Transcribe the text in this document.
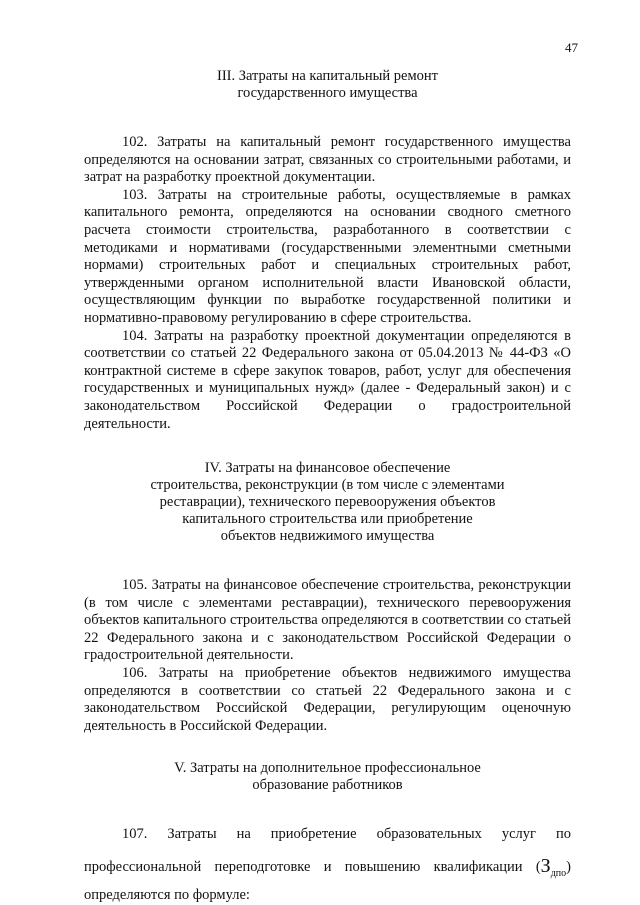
47
III. Затраты на капитальный ремонт
государственного имущества

102. Затраты на капитальный ремонт государственного имущества определяются на основании затрат, связанных со строительными работами, и затрат на разработку проектной документации.

103. Затраты на строительные работы, осуществляемые в рамках капитального ремонта, определяются на основании сводного сметного расчета стоимости строительства, разработанного в соответствии с методиками и нормативами (государственными элементными сметными нормами) строительных работ и специальных строительных работ, утвержденными органом исполнительной власти Ивановской области, осуществляющим функции по выработке государственной политики и нормативно-правовому регулированию в сфере строительства.

104. Затраты на разработку проектной документации определяются в соответствии со статьей 22 Федерального закона от 05.04.2013 № 44-ФЗ «О контрактной системе в сфере закупок товаров, работ, услуг для обеспечения государственных и муниципальных нужд» (далее - Федеральный закон) и с законодательством Российской Федерации о градостроительной деятельности.

IV. Затраты на финансовое обеспечение
строительства, реконструкции (в том числе с элементами
реставрации), технического перевооружения объектов
капитального строительства или приобретение
объектов недвижимого имущества

105. Затраты на финансовое обеспечение строительства, реконструкции (в том числе с элементами реставрации), технического перевооружения объектов капитального строительства определяются в соответствии со статьей 22 Федерального закона и с законодательством Российской Федерации о градостроительной деятельности.

106. Затраты на приобретение объектов недвижимого имущества определяются в соответствии со статьей 22 Федерального закона и с законодательством Российской Федерации, регулирующим оценочную деятельность в Российской Федерации.

V. Затраты на дополнительное профессиональное
образование работников
107. Затраты на приобретение образовательных услуг по
профессиональной переподготовке и повышению квалификации $(З_{дпо})$

определяются по формуле:
